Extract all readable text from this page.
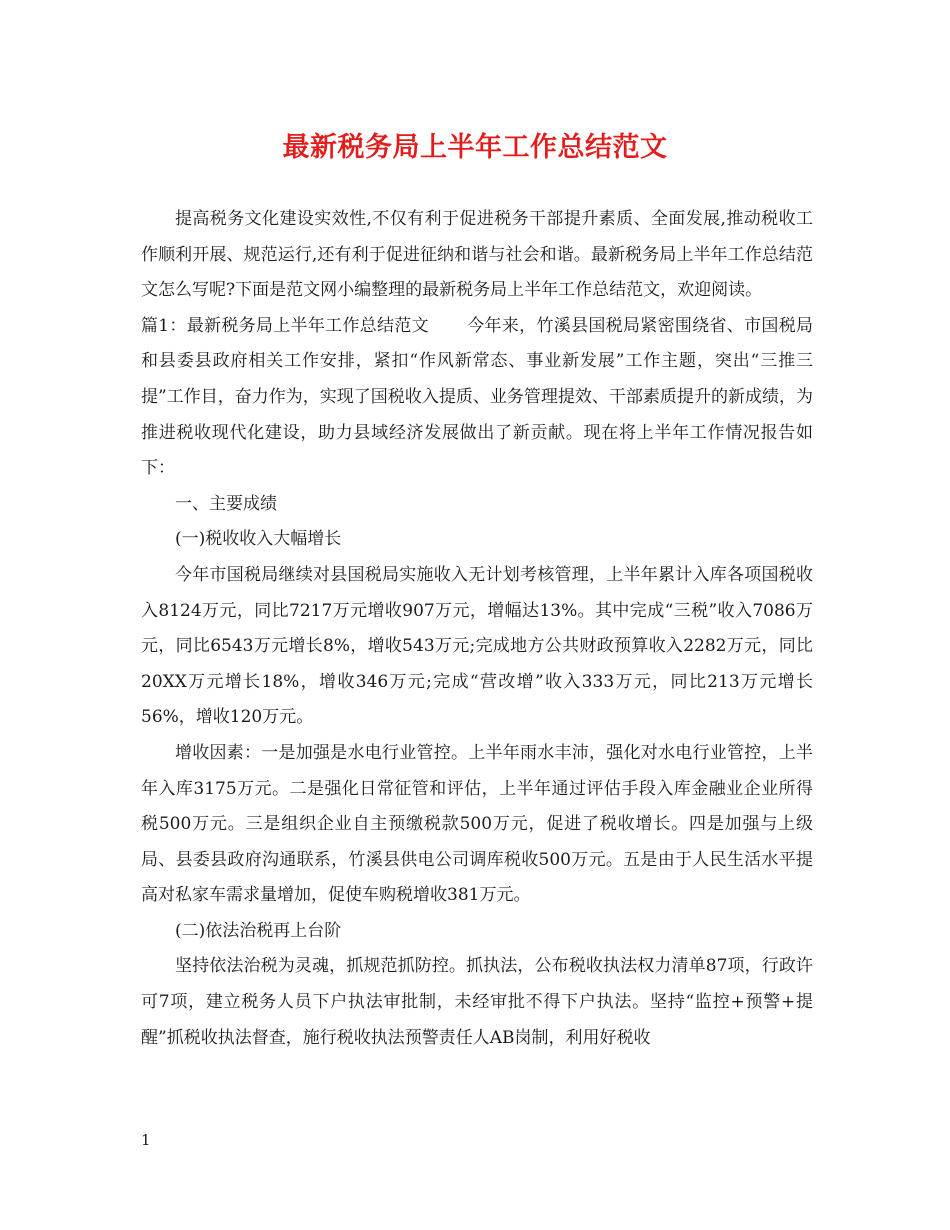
最新税务局上半年工作总结范文

提高税务文化建设实效性,不仅有利于促进税务干部提升素质、全面发展,推动税收工作顺利开展、规范运行,还有利于促进征纳和谐与社会和谐。最新税务局上半年工作总结范文怎么写呢?下面是范文网小编整理的最新税务局上半年工作总结范文，欢迎阅读。

篇1：最新税务局上半年工作总结范文 今年来，竹溪县国税局紧密围绕省、市国税局和县委县政府相关工作安排，紧扣“作风新常态、事业新发展”工作主题，突出“三推三提”工作目，奋力作为，实现了国税收入提质、业务管理提效、干部素质提升的新成绩，为推进税收现代化建设，助力县域经济发展做出了新贡献。现在将上半年工作情况报告如下：

一、主要成绩

(一)税收收入大幅增长

今年市国税局继续对县国税局实施收入无计划考核管理，上半年累计入库各项国税收入8124万元，同比7217万元增收907万元，增幅达13%。其中完成“三税”收入7086万元，同比6543万元增长8%，增收543万元;完成地方公共财政预算收入2282万元，同比20XX万元增长18%，增收346万元;完成“营改增”收入333万元，同比213万元增长56%，增收120万元。

增收因素：一是加强是水电行业管控。上半年雨水丰沛，强化对水电行业管控，上半年入库3175万元。二是强化日常征管和评估，上半年通过评估手段入库金融业企业所得税500万元。三是组织企业自主预缴税款500万元，促进了税收增长。四是加强与上级局、县委县政府沟通联系，竹溪县供电公司调库税收500万元。五是由于人民生活水平提高对私家车需求量增加，促使车购税增收381万元。

(二)依法治税再上台阶

坚持依法治税为灵魂，抓规范抓防控。抓执法，公布税收执法权力清单87项，行政许可7项，建立税务人员下户执法审批制，未经审批不得下户执法。坚持“监控+预警+提醒”抓税收执法督查，施行税收执法预警责任人AB岗制，利用好税收

1
